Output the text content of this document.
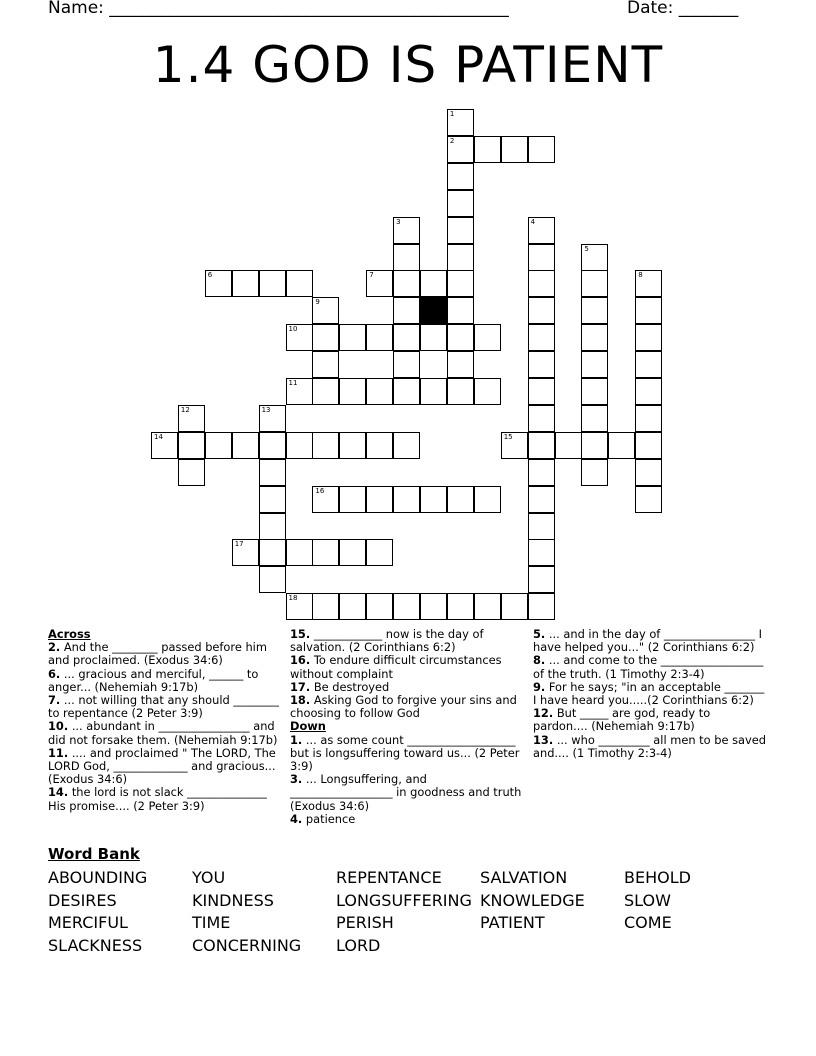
Name: _______________________________________________	Date: _______
1.4 GOD IS PATIENT
1
2
3	4
5
6	7	8
9
10
11
12	13
14	15
16
17
18
Across
2. And the ________ passed before him and proclaimed. (Exodus 34:6)
6. ... gracious and merciful, ______ to anger... (Nehemiah 9:17b)
7. ... not willing that any should ________ to repentance (2 Peter 3:9)
10. ... abundant in ________________ and did not forsake them. (Nehemiah 9:17b)
11. .... and proclaimed " The LORD, The LORD God, _____________ and gracious... (Exodus 34:6)
14. the lord is not slack ______________ His promise.... (2 Peter 3:9)
15. ____________ now is the day of salvation. (2 Corinthians 6:2)
16. To endure difficult circumstances without complaint
17. Be destroyed
18. Asking God to forgive your sins and choosing to follow God
Down
1. ... as some count ___________________ but is longsuffering toward us... (2 Peter 3:9)
3. ... Longsuffering, and __________________ in goodness and truth (Exodus 34:6)
4. patience
5. ... and in the day of ________________ I have helped you..." (2 Corinthians 6:2)
8. ... and come to the __________________ of the truth. (1 Timothy 2:3-4)
9. For he says; "in an acceptable _______ I have heard you.....(2 Corinthians 6:2)
12. But _____ are god, ready to pardon.... (Nehemiah 9:17b)
13. ... who _________ all men to be saved and.... (1 Timothy 2:3-4)
Word Bank
ABOUNDING	YOU	REPENTANCE SALVATION	BEHOLD
DESIRES	KINDNESS	LONGSUFFERING KNOWLEDGE SLOW
MERCIFUL	TIME	PERISH	PATIENT	COME
SLACKNESS	CONCERNING LORD
